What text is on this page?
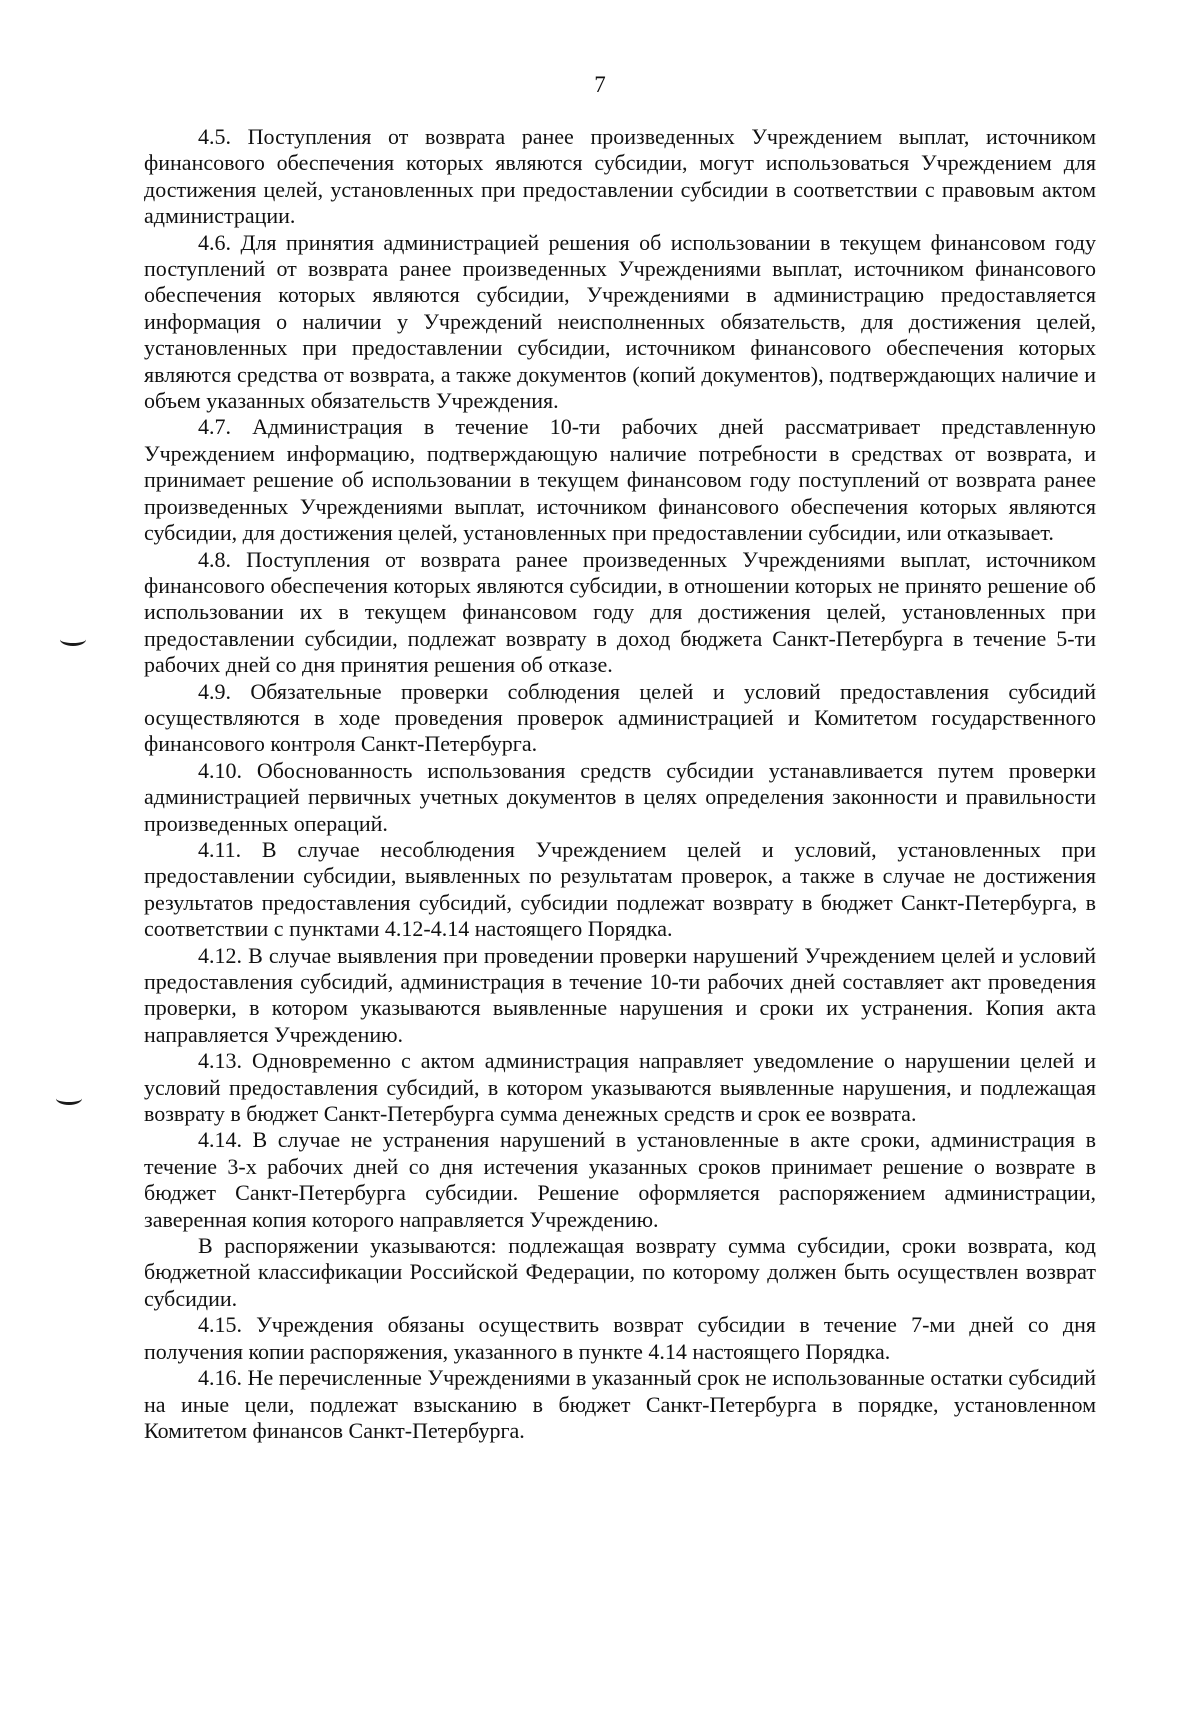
7

4.5. Поступления от возврата ранее произведенных Учреждением выплат, источником финансового обеспечения которых являются субсидии, могут использоваться Учреждением для достижения целей, установленных при предоставлении субсидии в соответствии с правовым актом администрации.

4.6. Для принятия администрацией решения об использовании в текущем финансовом году поступлений от возврата ранее произведенных Учреждениями выплат, источником финансового обеспечения которых являются субсидии, Учреждениями в администрацию предоставляется информация о наличии у Учреждений неисполненных обязательств, для достижения целей, установленных при предоставлении субсидии, источником финансового обеспечения которых являются средства от возврата, а также документов (копий документов), подтверждающих наличие и объем указанных обязательств Учреждения.

4.7. Администрация в течение 10-ти рабочих дней рассматривает представленную Учреждением информацию, подтверждающую наличие потребности в средствах от возврата, и принимает решение об использовании в текущем финансовом году поступлений от возврата ранее произведенных Учреждениями выплат, источником финансового обеспечения которых являются субсидии, для достижения целей, установленных при предоставлении субсидии, или отказывает.

4.8. Поступления от возврата ранее произведенных Учреждениями выплат, источником финансового обеспечения которых являются субсидии, в отношении которых не принято решение об использовании их в текущем финансовом году для достижения целей, установленных при предоставлении субсидии, подлежат возврату в доход бюджета Санкт-Петербурга в течение 5-ти рабочих дней со дня принятия решения об отказе.

4.9. Обязательные проверки соблюдения целей и условий предоставления субсидий осуществляются в ходе проведения проверок администрацией и Комитетом государственного финансового контроля Санкт-Петербурга.

4.10. Обоснованность использования средств субсидии устанавливается путем проверки администрацией первичных учетных документов в целях определения законности и правильности произведенных операций.

4.11. В случае несоблюдения Учреждением целей и условий, установленных при предоставлении субсидии, выявленных по результатам проверок, а также в случае не достижения результатов предоставления субсидий, субсидии подлежат возврату в бюджет Санкт-Петербурга, в соответствии с пунктами 4.12-4.14 настоящего Порядка.

4.12. В случае выявления при проведении проверки нарушений Учреждением целей и условий предоставления субсидий, администрация в течение 10-ти рабочих дней составляет акт проведения проверки, в котором указываются выявленные нарушения и сроки их устранения. Копия акта направляется Учреждению.

4.13. Одновременно с актом администрация направляет уведомление о нарушении целей и условий предоставления субсидий, в котором указываются выявленные нарушения, и подлежащая возврату в бюджет Санкт-Петербурга сумма денежных средств и срок ее возврата.

4.14. В случае не устранения нарушений в установленные в акте сроки, администрация в течение 3-х рабочих дней со дня истечения указанных сроков принимает решение о возврате в бюджет Санкт-Петербурга субсидии. Решение оформляется распоряжением администрации, заверенная копия которого направляется Учреждению.

В распоряжении указываются: подлежащая возврату сумма субсидии, сроки возврата, код бюджетной классификации Российской Федерации, по которому должен быть осуществлен возврат субсидии.

4.15. Учреждения обязаны осуществить возврат субсидии в течение 7-ми дней со дня получения копии распоряжения, указанного в пункте 4.14 настоящего Порядка.

4.16. Не перечисленные Учреждениями в указанный срок не использованные остатки субсидий на иные цели, подлежат взысканию в бюджет Санкт-Петербурга в порядке, установленном Комитетом финансов Санкт-Петербурга.
